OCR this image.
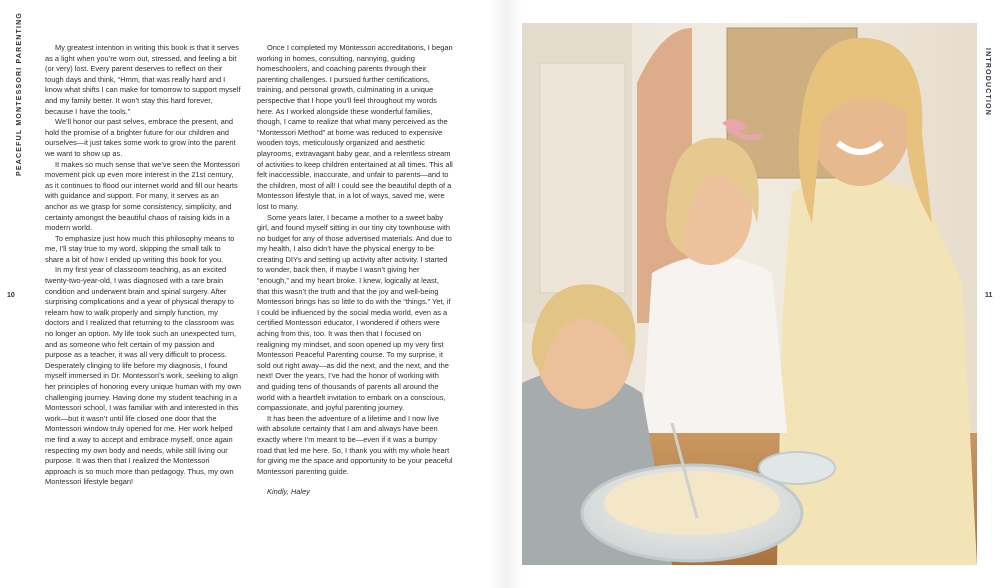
PEACEFUL MONTESSORI PARENTING
10

My greatest intention in writing this book is that it serves as a light when you’re worn out, stressed, and feeling a bit (or very) lost. Every parent deserves to reflect on their tough days and think, “Hmm, that was really hard and I know what shifts I can make for tomorrow to support myself and my family better. It won’t stay this hard forever, because I have the tools.”

We’ll honor our past selves, embrace the present, and hold the promise of a brighter future for our children and ourselves—it just takes some work to grow into the parent we want to show up as.

It makes so much sense that we’ve seen the Montessori movement pick up even more interest in the 21st century, as it continues to flood our internet world and fill our hearts with guidance and support. For many, it serves as an anchor as we grasp for some consistency, simplicity, and certainty amongst the beautiful chaos of raising kids in a modern world.

To emphasize just how much this philosophy means to me, I’ll stay true to my word, skipping the small talk to share a bit of how I ended up writing this book for you.

In my first year of classroom teaching, as an excited twenty-two-year-old, I was diagnosed with a rare brain condition and underwent brain and spinal surgery. After surprising complications and a year of physical therapy to relearn how to walk properly and simply function, my doctors and I realized that returning to the classroom was no longer an option. My life took such an unexpected turn, and as someone who felt certain of my passion and purpose as a teacher, it was all very difficult to process. Desperately clinging to life before my diagnosis, I found myself immersed in Dr. Montessori’s work, seeking to align her principles of honoring every unique human with my own challenging journey. Having done my student teaching in a Montessori school, I was familiar with and interested in this work—but it wasn’t until life closed one door that the Montessori window truly opened for me. Her work helped me find a way to accept and embrace myself, once again respecting my own body and needs, while still living our purpose. It was then that I realized the Montessori approach is so much more than pedagogy. Thus, my own Montessori lifestyle began!

Once I completed my Montessori accreditations, I began working in homes, consulting, nannying, guiding homeschoolers, and coaching parents through their parenting challenges. I pursued further certifications, training, and personal growth, culminating in a unique perspective that I hope you’ll feel throughout my words here. As I worked alongside these wonderful families, though, I came to realize that what many perceived as the “Montessori Method” at home was reduced to expensive wooden toys, meticulously organized and aesthetic playrooms, extravagant baby gear, and a relentless stream of activities to keep children entertained at all times. This all felt inaccessible, inaccurate, and unfair to parents—and to the children, most of all! I could see the beautiful depth of a Montessori lifestyle that, in a lot of ways, saved me, were lost to many.

Some years later, I became a mother to a sweet baby girl, and found myself sitting in our tiny city townhouse with no budget for any of those advertised materials. And due to my health, I also didn’t have the physical energy to be creating DIYs and setting up activity after activity. I started to wonder, back then, if maybe I wasn’t giving her “enough,” and my heart broke. I knew, logically at least, that this wasn’t the truth and that the joy and well-being Montessori brings has so little to do with the “things.” Yet, if I could be influenced by the social media world, even as a certified Montessori educator, I wondered if others were aching from this, too. It was then that I focused on realigning my mindset, and soon opened up my very first Montessori Peaceful Parenting course. To my surprise, it sold out right away—as did the next, and the next, and the next! Over the years, I’ve had the honor of working with and guiding tens of thousands of parents all around the world with a heartfelt invitation to embark on a conscious, compassionate, and joyful parenting journey.

It has been the adventure of a lifetime and I now live with absolute certainty that I am and always have been exactly where I’m meant to be—even if it was a bumpy road that led me here. So, I thank you with my whole heart for giving me the space and opportunity to be your peaceful Montessori parenting guide.

Kindly, Haley

INTRODUCTION
11
